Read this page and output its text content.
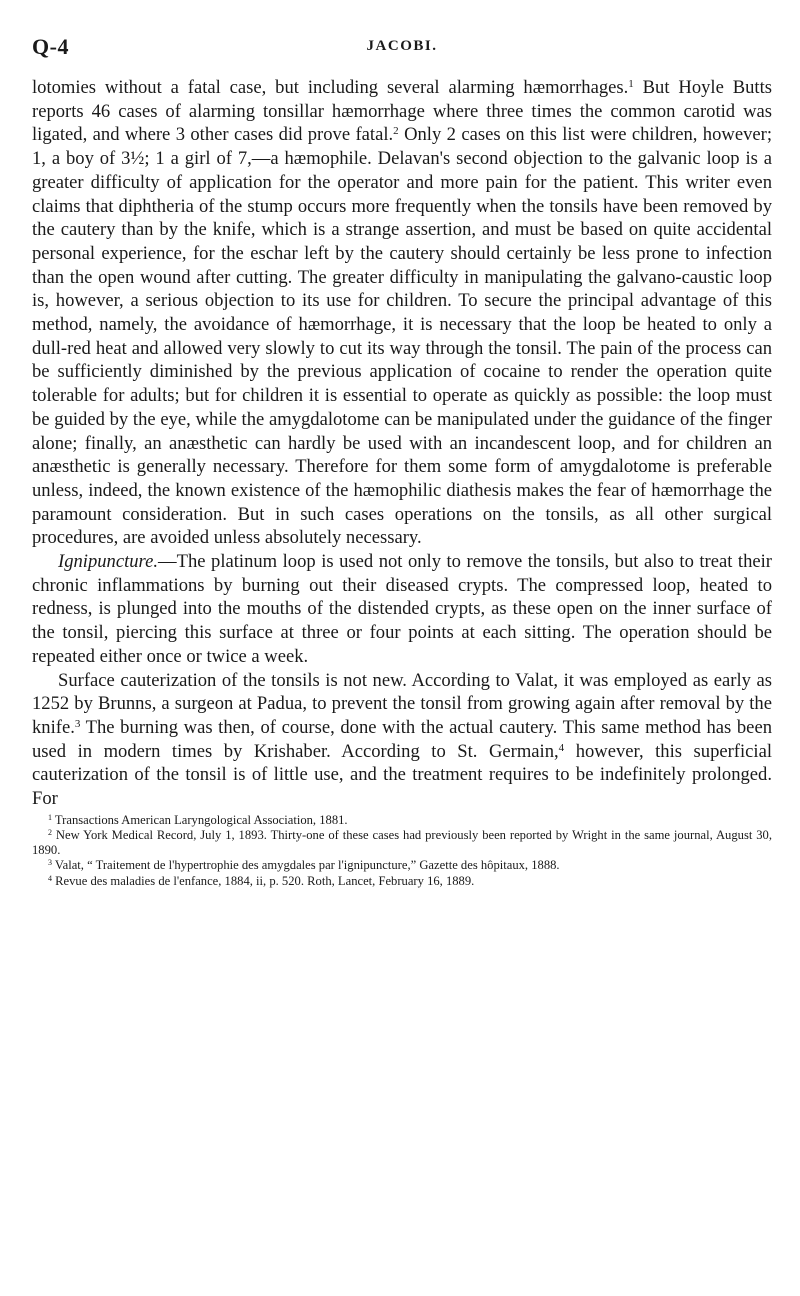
Q-4	JACOBI.

lotomies without a fatal case, but including several alarming hæmorrhages.$^1$ But Hoyle Butts reports 46 cases of alarming tonsillar hæmorrhage where three times the common carotid was ligated, and where 3 other cases did prove fatal.$^2$ Only 2 cases on this list were children, however; 1, a boy of 3½; 1 a girl of 7,—a hæmophile. Delavan's second objection to the galvanic loop is a greater difficulty of application for the operator and more pain for the patient. This writer even claims that diphtheria of the stump occurs more frequently when the tonsils have been removed by the cautery than by the knife, which is a strange assertion, and must be based on quite accidental personal experience, for the eschar left by the cautery should certainly be less prone to infection than the open wound after cutting. The greater difficulty in manipulating the galvano-caustic loop is, however, a serious objection to its use for children. To secure the principal advantage of this method, namely, the avoidance of hæmorrhage, it is necessary that the loop be heated to only a dull-red heat and allowed very slowly to cut its way through the tonsil. The pain of the process can be sufficiently diminished by the previous application of cocaine to render the operation quite tolerable for adults; but for children it is essential to operate as quickly as possible: the loop must be guided by the eye, while the amygdalotome can be manipulated under the guidance of the finger alone; finally, an anæsthetic can hardly be used with an incandescent loop, and for children an anæsthetic is generally necessary. Therefore for them some form of amygdalotome is preferable unless, indeed, the known existence of the hæmophilic diathesis makes the fear of hæmorrhage the paramount consideration. But in such cases operations on the tonsils, as all other surgical procedures, are avoided unless absolutely necessary.

Ignipuncture.—The platinum loop is used not only to remove the tonsils, but also to treat their chronic inflammations by burning out their diseased crypts. The compressed loop, heated to redness, is plunged into the mouths of the distended crypts, as these open on the inner surface of the tonsil, piercing this surface at three or four points at each sitting. The operation should be repeated either once or twice a week.

Surface cauterization of the tonsils is not new. According to Valat, it was employed as early as 1252 by Brunns, a surgeon at Padua, to prevent the tonsil from growing again after removal by the knife.$^3$ The burning was then, of course, done with the actual cautery. This same method has been used in modern times by Krishaber. According to St. Germain,$^4$ however, this superficial cauterization of the tonsil is of little use, and the treatment requires to be indefinitely prolonged. For

$^1$ Transactions American Laryngological Association, 1881.

$^2$ New York Medical Record, July 1, 1893. Thirty-one of these cases had previously been reported by Wright in the same journal, August 30, 1890.

$^3$ Valat, “ Traitement de l'hypertrophie des amygdales par l'ignipuncture,” Gazette des hôpitaux, 1888.

$^4$ Revue des maladies de l'enfance, 1884, ii, p. 520. Roth, Lancet, February 16, 1889.
